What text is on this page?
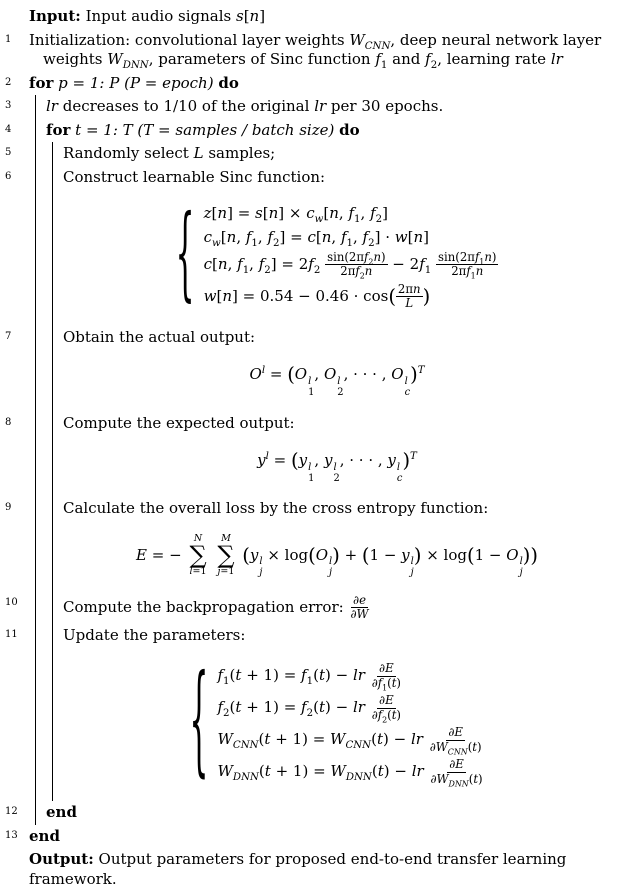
Input: Input audio signals s[n]
1	Initialization: convolutional layer weights $W_{CNN}$, deep neural network layer weights $W_{DNN}$, parameters of Sinc function $f_1$ and $f_2$, learning rate lr
2	for p = 1: P (P = epoch) do
3	lr decreases to 1/10 of the original lr per 30 epochs.
4	for t = 1: T (T = samples / batch size) do
5	Randomly select L samples;
6	Construct learnable Sinc function:
{ $z[n] = s[n] \times c_w[n$, $f_1$, $f_2$]
$c_w[n$, $f_1$, $f_2] = c[n$, $f_1$, $f_2] \cdot w[n]$
c[n, $f_1$, $f_2] = 2f_2 \frac{\sin(2\pi f_2n)}{2\pi f_2n} - 2f_1 \frac{\sin(2\pi f_1n)}{2\pi f_1n}$
$w[n] = 0.54 - 0.46 \cdot \cos( \frac{2\pi n}{L}$ )
7	Obtain the actual output:
$O^l = (O$ l
1
, O l
2
, · · · , O l
c
)$^T$
8	Compute the expected output:
$y^l = (y$ l
1
, y l
2
, · · · , y l
c
)$^T$
9	Calculate the overall loss by the cross entropy function:
E = −
N
∑
l=1

M
∑
j=1
(y l
j
× log(O l
j
) + (1 − y l
j
) × log(1 − O l
j
))
10	Compute the backpropagation error: $\frac{\partial e}{\partial W}$
11	Update the parameters:
{ $f_1(t + 1) = f_1(t)$ − lr $\frac{\partial E}{\partial f_1(t)}$
$f_2(t + 1) = f_2(t)$ − lr $\frac{\partial E}{\partial f_2(t)}$
$W_{CNN}(t + 1) = W_{CNN}(t)$ − lr $\frac{\partial E}{\partial W_{CNN}(t)}$
$W_{DNN}(t + 1) = W_{DNN}(t)$ − lr $\frac{\partial E}{\partial W_{DNN}(t)}$
12	end
13 end
Output: Output parameters for proposed end-to-end transfer learning framework.
